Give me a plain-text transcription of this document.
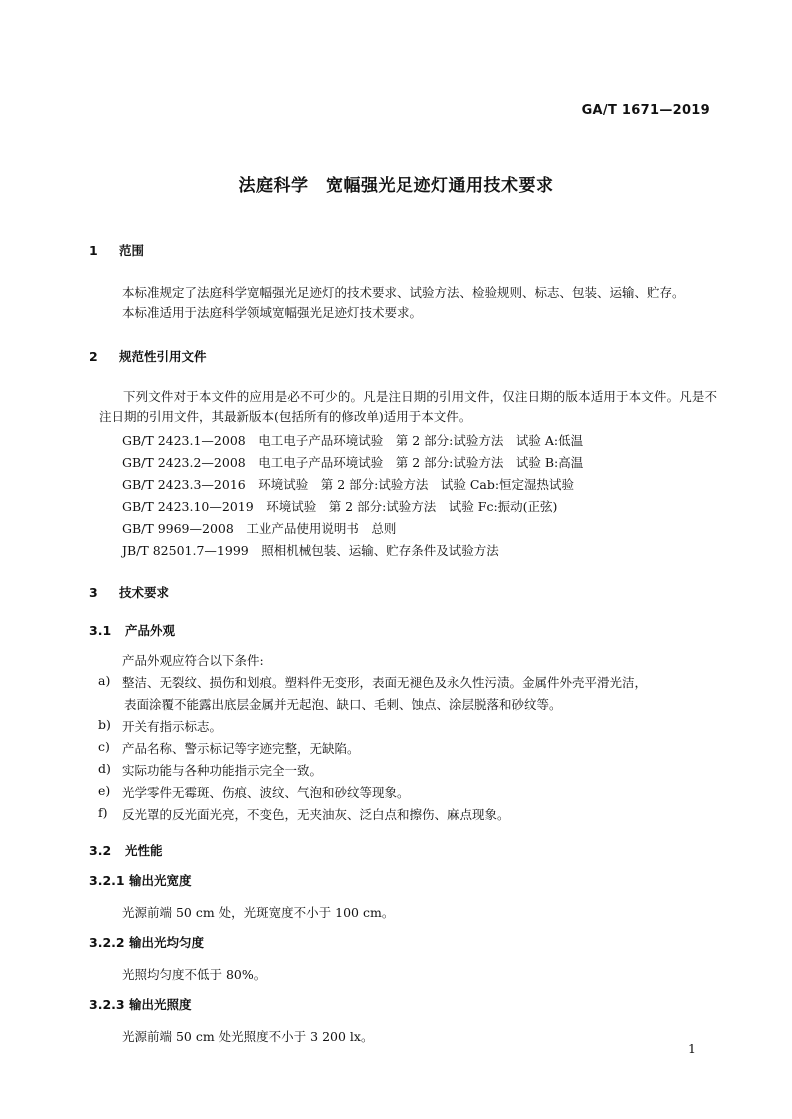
GA/T 1671—2019
法庭科学　宽幅强光足迹灯通用技术要求
1 范围
本标准规定了法庭科学宽幅强光足迹灯的技术要求、试验方法、检验规则、标志、包装、运输、贮存。
本标准适用于法庭科学领域宽幅强光足迹灯技术要求。
2 规范性引用文件
下列文件对于本文件的应用是必不可少的。凡是注日期的引用文件，仅注日期的版本适用于本文件。凡是不注日期的引用文件，其最新版本(包括所有的修改单)适用于本文件。
GB/T 2423.1—2008　电工电子产品环境试验　第 2 部分:试验方法　试验 A:低温
GB/T 2423.2—2008　电工电子产品环境试验　第 2 部分:试验方法　试验 B:高温
GB/T 2423.3—2016　环境试验　第 2 部分:试验方法　试验 Cab:恒定湿热试验
GB/T 2423.10—2019　环境试验　第 2 部分:试验方法　试验 Fc:振动(正弦)
GB/T 9969—2008　工业产品使用说明书　总则
JB/T 82501.7—1999　照相机械包装、运输、贮存条件及试验方法
3 技术要求
3.1 产品外观
产品外观应符合以下条件:
a) 整洁、无裂纹、损伤和划痕。塑料件无变形，表面无褪色及永久性污渍。金属件外壳平滑光洁，
表面涂覆不能露出底层金属并无起泡、缺口、毛刺、蚀点、涂层脱落和砂纹等。
b) 开关有指示标志。
c) 产品名称、警示标记等字迹完整，无缺陷。
d) 实际功能与各种功能指示完全一致。
e) 光学零件无霉斑、伤痕、波纹、气泡和砂纹等现象。
f) 反光罩的反光面光亮，不变色，无夹油灰、泛白点和擦伤、麻点现象。
3.2 光性能
3.2.1 输出光宽度
光源前端 50 cm 处，光斑宽度不小于 100 cm。
3.2.2 输出光均匀度
光照均匀度不低于 80%。
3.2.3 输出光照度
光源前端 50 cm 处光照度不小于 3 200 lx。
1
